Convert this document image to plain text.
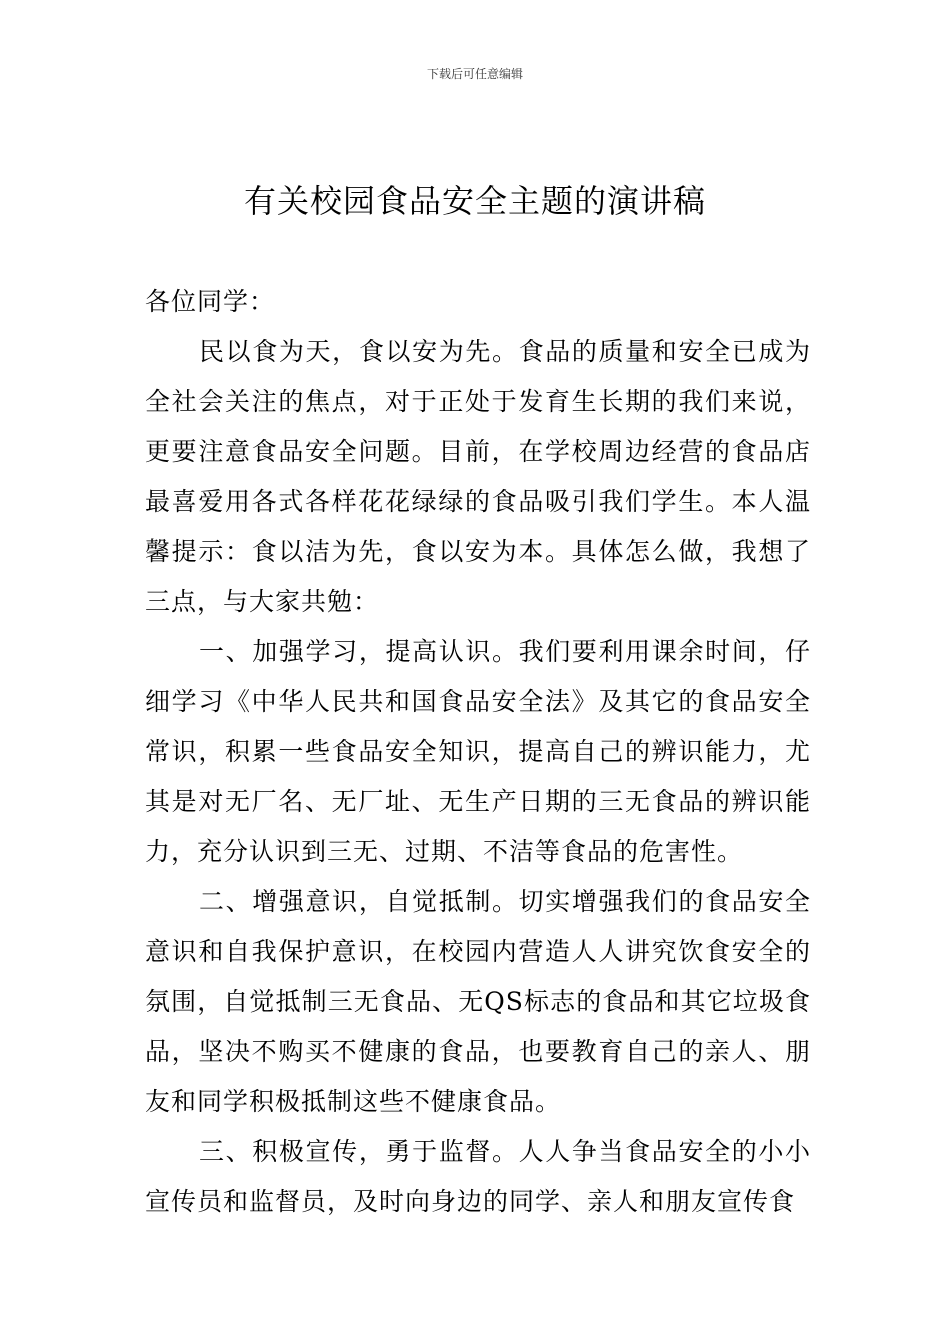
下载后可任意编辑
有关校园食品安全主题的演讲稿

各位同学：

民以食为天，食以安为先。食品的质量和安全已成为全社会关注的焦点，对于正处于发育生长期的我们来说，更要注意食品安全问题。目前，在学校周边经营的食品店最喜爱用各式各样花花绿绿的食品吸引我们学生。本人温馨提示：食以洁为先，食以安为本。具体怎么做，我想了三点，与大家共勉：

一、加强学习，提高认识。我们要利用课余时间，仔细学习《中华人民共和国食品安全法》及其它的食品安全常识，积累一些食品安全知识，提高自己的辨识能力，尤其是对无厂名、无厂址、无生产日期的三无食品的辨识能力，充分认识到三无、过期、不洁等食品的危害性。

二、增强意识，自觉抵制。切实增强我们的食品安全意识和自我保护意识，在校园内营造人人讲究饮食安全的氛围，自觉抵制三无食品、无QS标志的食品和其它垃圾食品，坚决不购买不健康的食品，也要教育自己的亲人、朋友和同学积极抵制这些不健康食品。

三、积极宣传，勇于监督。人人争当食品安全的小小宣传员和监督员，及时向身边的同学、亲人和朋友宣传食
